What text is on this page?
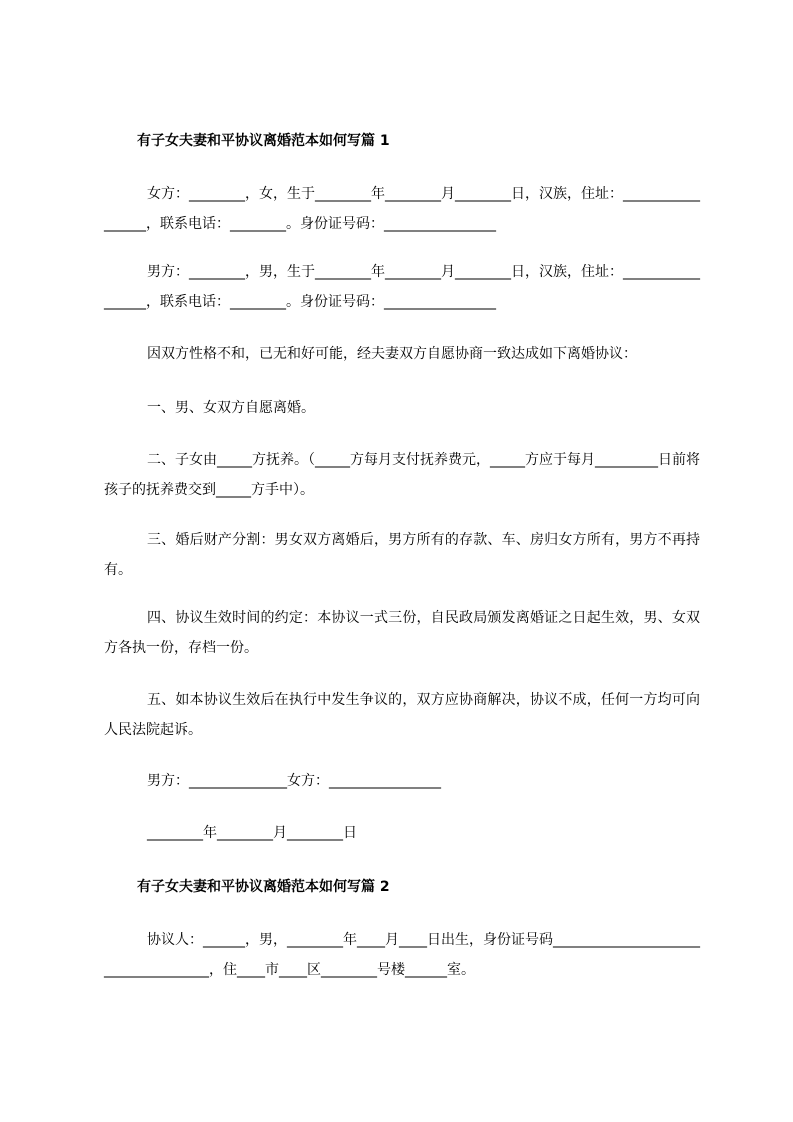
有子女夫妻和平协议离婚范本如何写篇 1
女方：________，女，生于________年________月________日，汉族，住址：_________________，联系电话：________。身份证号码：________________
男方：________，男，生于________年________月________日，汉族，住址：_________________，联系电话：________。身份证号码：________________
因双方性格不和，已无和好可能，经夫妻双方自愿协商一致达成如下离婚协议：
一、男、女双方自愿离婚。
二、子女由_____方抚养。（_____方每月支付抚养费元，_____方应于每月_________日前将孩子的抚养费交到_____方手中）。
三、婚后财产分割：男女双方离婚后，男方所有的存款、车、房归女方所有，男方不再持有。
四、协议生效时间的约定：本协议一式三份，自民政局颁发离婚证之日起生效，男、女双方各执一份，存档一份。
五、如本协议生效后在执行中发生争议的，双方应协商解决，协议不成，任何一方均可向人民法院起诉。
男方：______________女方：________________
________年________月________日
有子女夫妻和平协议离婚范本如何写篇 2
协议人：______，男，________年____月____日出生，身份证号码____________________________________，住____市____区________号楼______室。
